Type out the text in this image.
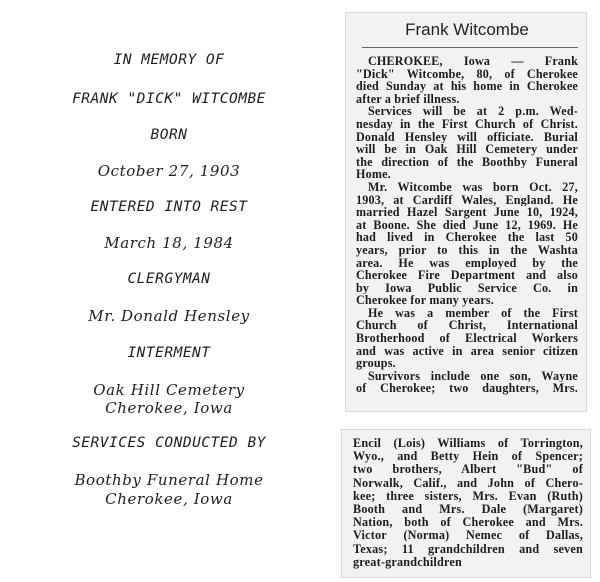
IN MEMORY OF
FRANK "DICK" WITCOMBE
BORN
October 27, 1903
ENTERED INTO REST
March 18, 1984
CLERGYMAN
Mr. Donald Hensley
INTERMENT
Oak Hill Cemetery
Cherokee, Iowa
SERVICES CONDUCTED BY
Boothby Funeral Home
Cherokee, Iowa
Frank Witcombe
CHEROKEE, Iowa — Frank
"Dick" Witcombe, 80, of Cherokee
died Sunday at his home in Cherokee
after a brief illness.
Services will be at 2 p.m. Wed-
nesday in the First Church of Christ.
Donald Hensley will officiate. Burial
will be in Oak Hill Cemetery under
the direction of the Boothby Funeral
Home.
Mr. Witcombe was born Oct. 27,
1903, at Cardiff Wales, England. He
married Hazel Sargent June 10, 1924,
at Boone. She died June 12, 1969. He
had lived in Cherokee the last 50
years, prior to this in the Washta
area. He was employed by the
Cherokee Fire Department and also
by Iowa Public Service Co. in
Cherokee for many years.
He was a member of the First
Church of Christ, International
Brotherhood of Electrical Workers
and was active in area senior citizen
groups.
Survivors include one son, Wayne
of Cherokee; two daughters, Mrs.
Encil (Lois) Williams of Torrington,
Wyo., and Betty Hein of Spencer;
two brothers, Albert "Bud" of
Norwalk, Calif., and John of Chero-
kee; three sisters, Mrs. Evan (Ruth)
Booth and Mrs. Dale (Margaret)
Nation, both of Cherokee and Mrs.
Victor (Norma) Nemec of Dallas,
Texas; 11 grandchildren and seven
great-grandchildren
